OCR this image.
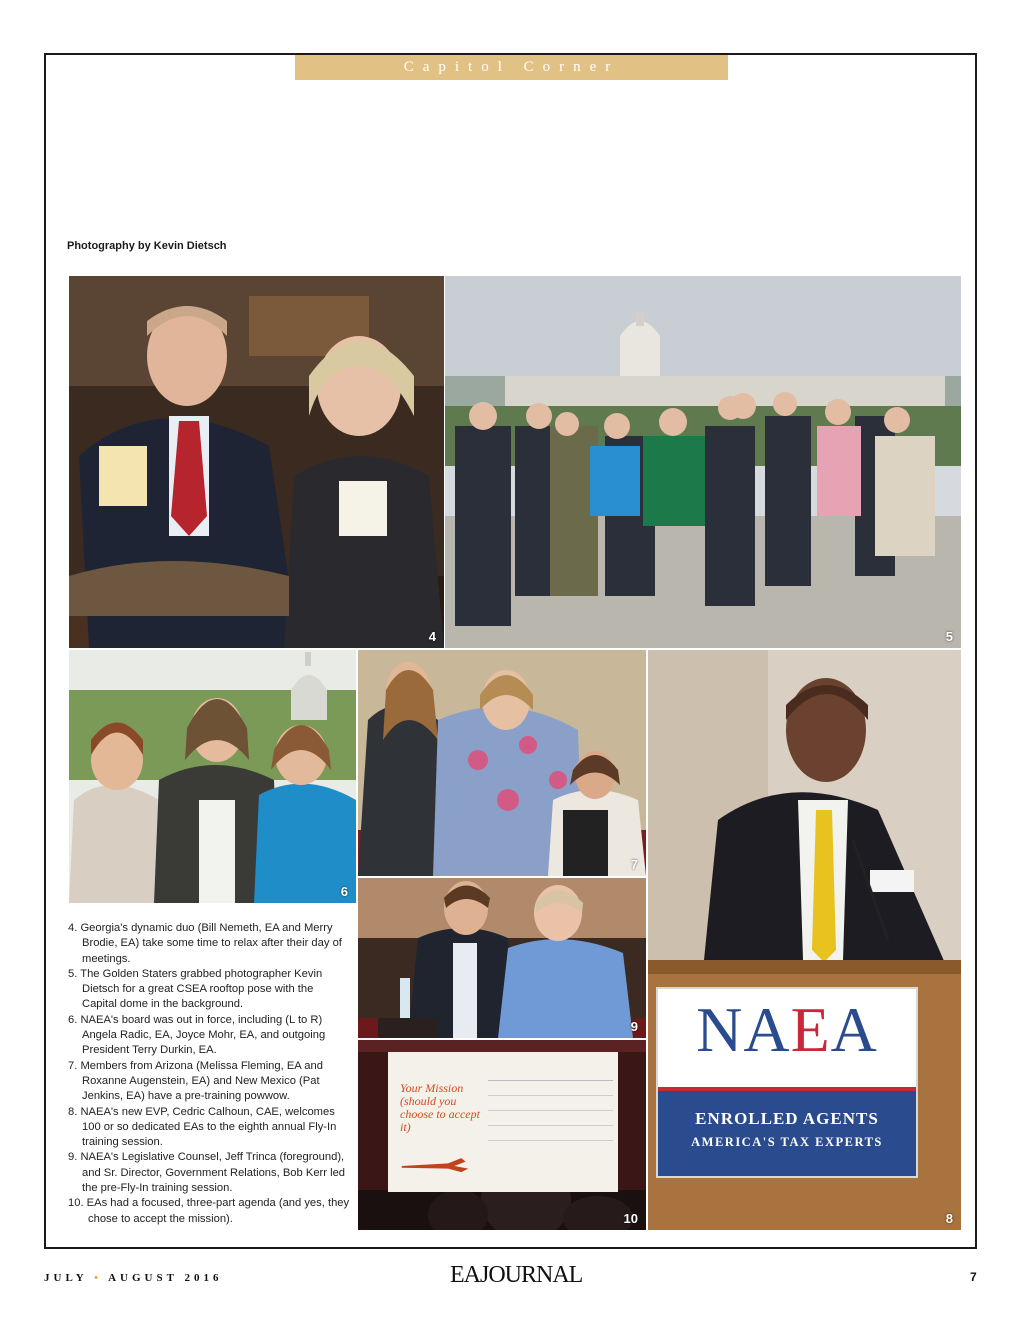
Capitol Corner
Photography by Kevin Dietsch
4	5
6
7
9
Your Mission (should you choose to accept it)
10
NAEA
ENROLLED AGENTS
AMERICA'S TAX EXPERTS
8
4. Georgia's dynamic duo (Bill Nemeth, EA and Merry Brodie, EA) take some time to relax after their day of meetings.
5. The Golden Staters grabbed photographer Kevin Dietsch for a great CSEA rooftop pose with the Capital dome in the background.
6. NAEA's board was out in force, including (L to R) Angela Radic, EA, Joyce Mohr, EA, and outgoing President Terry Durkin, EA.
7. Members from Arizona (Melissa Fleming, EA and Roxanne Augenstein, EA) and New Mexico (Pat Jenkins, EA) have a pre-training powwow.
8. NAEA's new EVP, Cedric Calhoun, CAE, welcomes 100 or so dedicated EAs to the eighth annual Fly-In training session.
9. NAEA's Legislative Counsel, Jeff Trinca (foreground), and Sr. Director, Government Relations, Bob Kerr led the pre-Fly-In training session.
10. EAs had a focused, three-part agenda (and yes, they chose to accept the mission).
JULY • AUGUST 2016	EAJOURNAL	7
